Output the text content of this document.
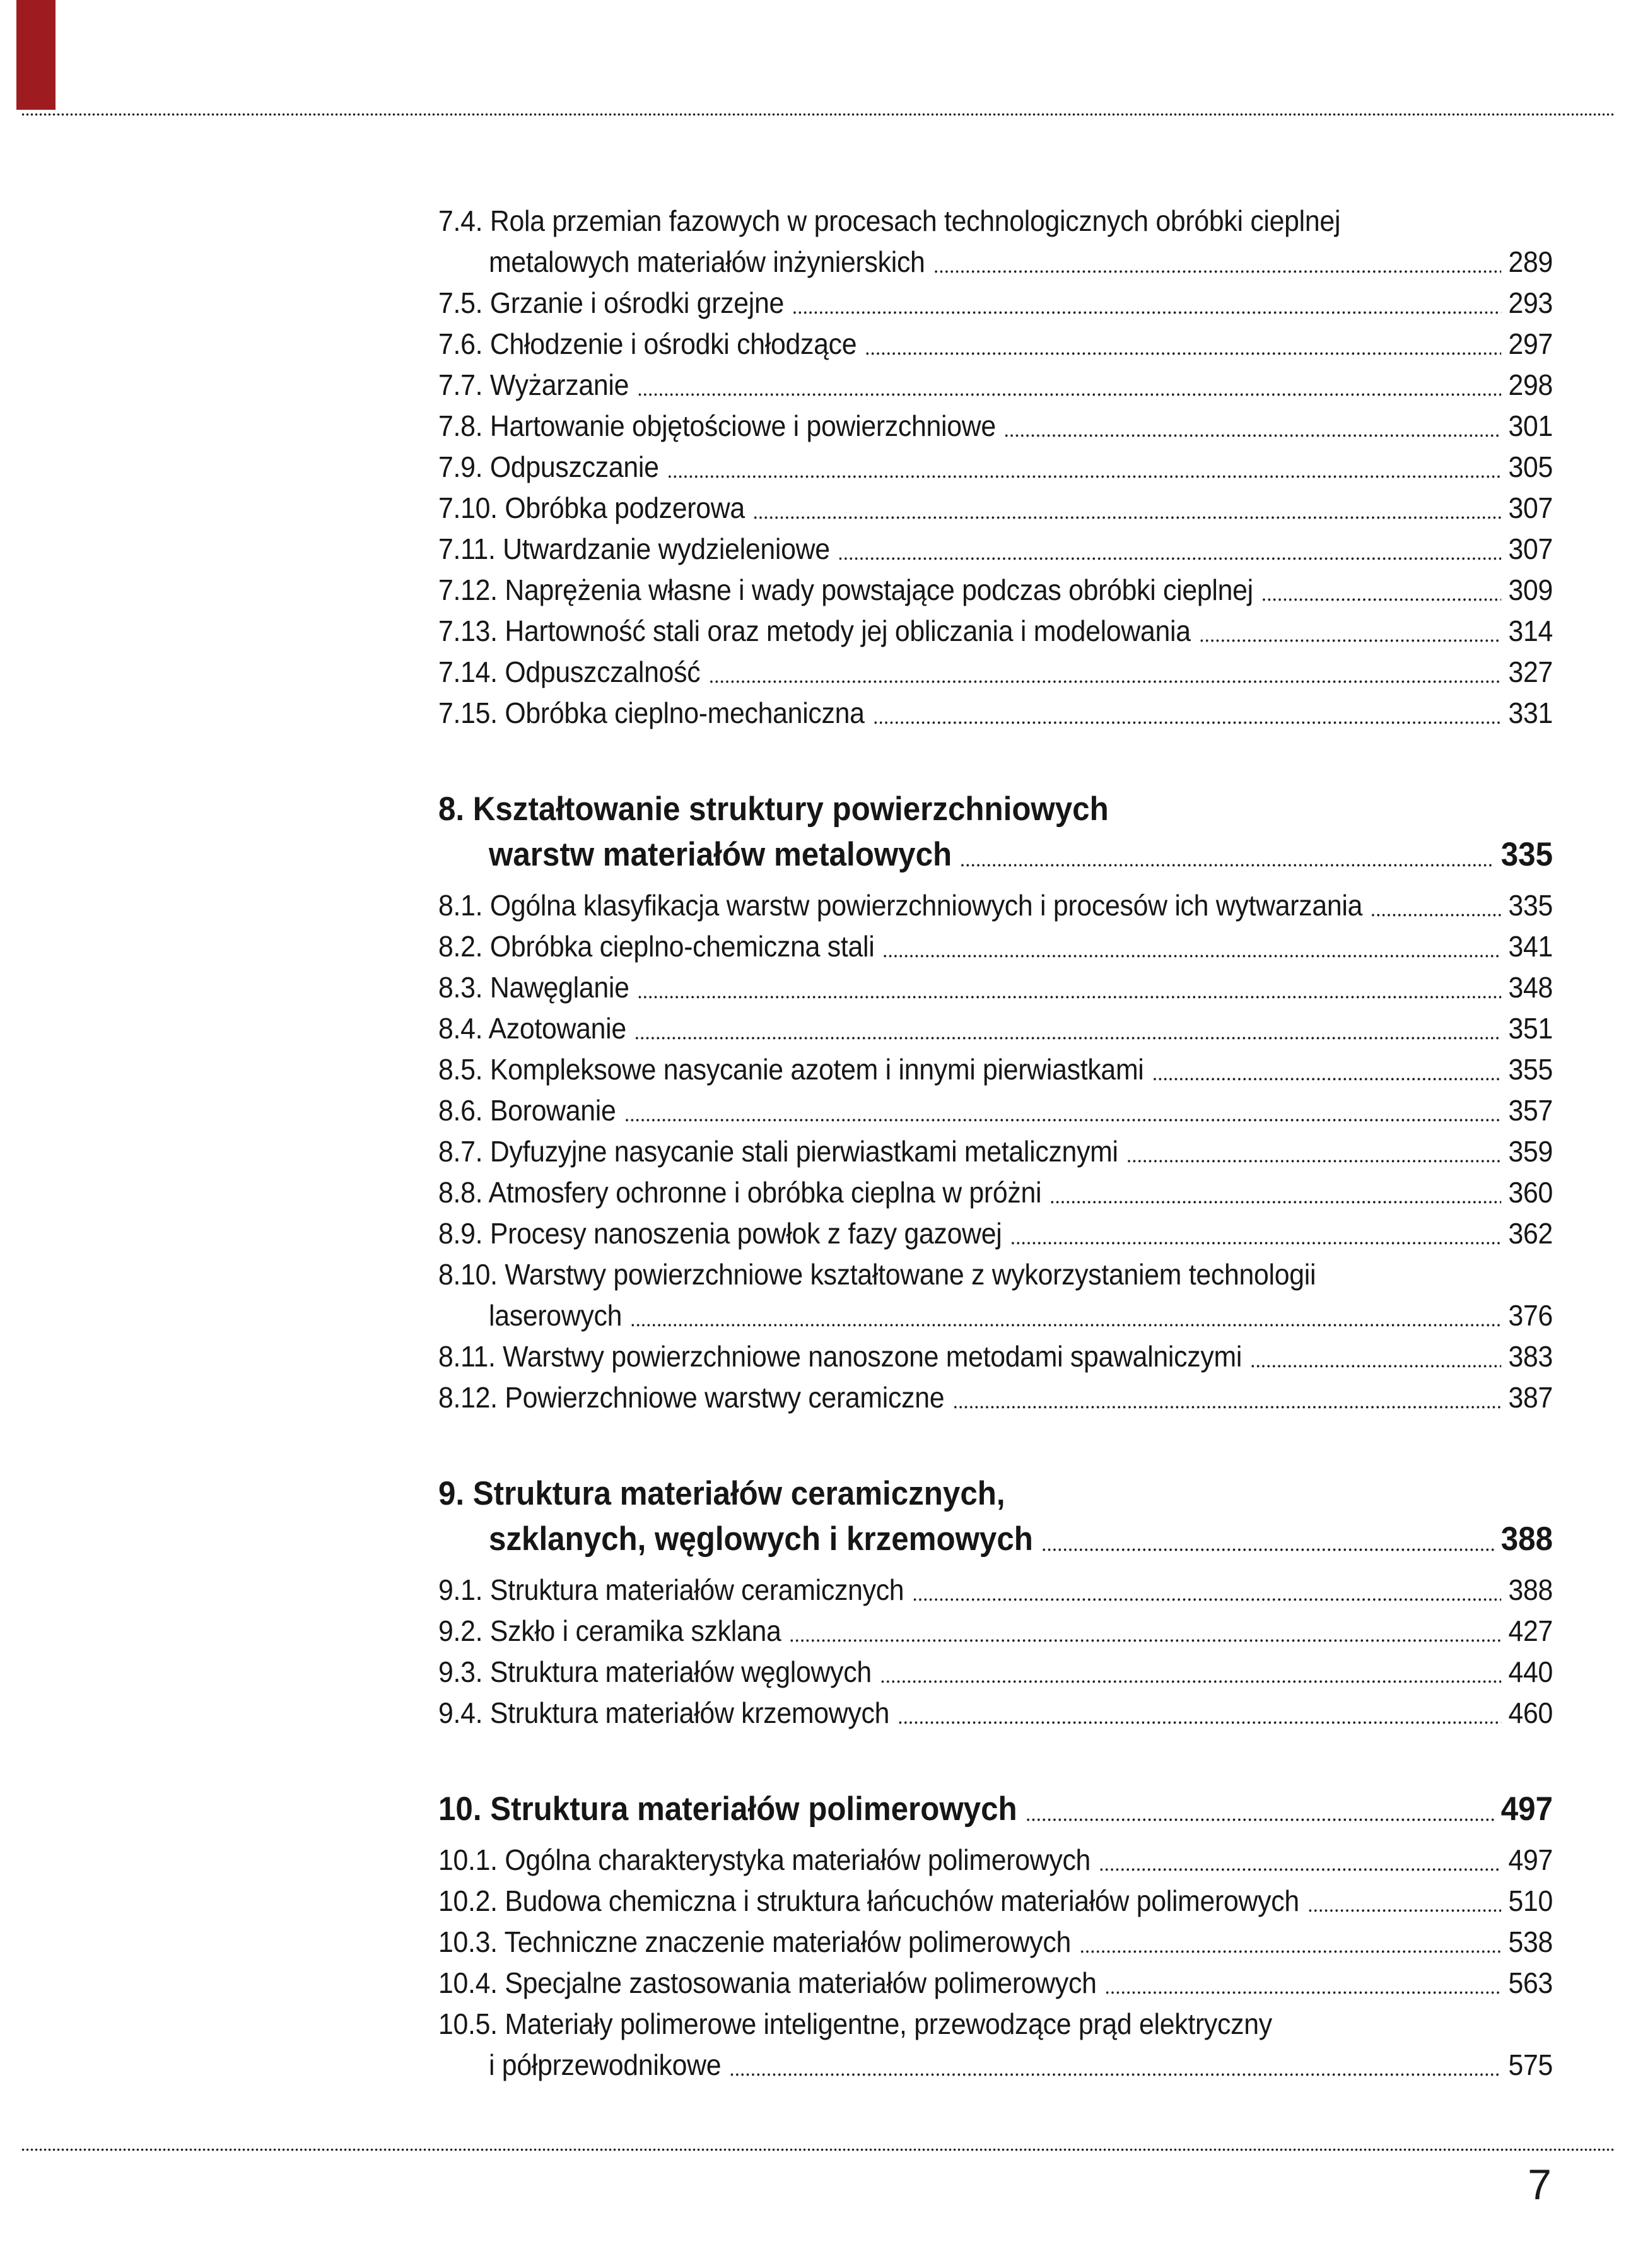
7.4. Rola przemian fazowych w procesach technologicznych obróbki cieplnej
metalowych materiałów inżynierskich	289
7.5. Grzanie i ośrodki grzejne	293
7.6. Chłodzenie i ośrodki chłodzące	297
7.7. Wyżarzanie	298
7.8. Hartowanie objętościowe i powierzchniowe	301
7.9. Odpuszczanie	305
7.10. Obróbka podzerowa	307
7.11. Utwardzanie wydzieleniowe	307
7.12. Naprężenia własne i wady powstające podczas obróbki cieplnej	309
7.13. Hartowność stali oraz metody jej obliczania i modelowania	314
7.14. Odpuszczalność	327
7.15. Obróbka cieplno-mechaniczna	331
8. Kształtowanie struktury powierzchniowych
warstw materiałów metalowych	335
8.1. Ogólna klasyfikacja warstw powierzchniowych i procesów ich wytwarzania	335
8.2. Obróbka cieplno-chemiczna stali	341
8.3. Nawęglanie	348
8.4. Azotowanie	351
8.5. Kompleksowe nasycanie azotem i innymi pierwiastkami	355
8.6. Borowanie	357
8.7. Dyfuzyjne nasycanie stali pierwiastkami metalicznymi	359
8.8. Atmosfery ochronne i obróbka cieplna w próżni	360
8.9. Procesy nanoszenia powłok z fazy gazowej	362
8.10. Warstwy powierzchniowe kształtowane z wykorzystaniem technologii
laserowych	376
8.11. Warstwy powierzchniowe nanoszone metodami spawalniczymi	383
8.12. Powierzchniowe warstwy ceramiczne	387
9. Struktura materiałów ceramicznych,
szklanych, węglowych i krzemowych	388
9.1. Struktura materiałów ceramicznych	388
9.2. Szkło i ceramika szklana	427
9.3. Struktura materiałów węglowych	440
9.4. Struktura materiałów krzemowych	460
10. Struktura materiałów polimerowych	497
10.1. Ogólna charakterystyka materiałów polimerowych	497
10.2. Budowa chemiczna i struktura łańcuchów materiałów polimerowych	510
10.3. Techniczne znaczenie materiałów polimerowych	538
10.4. Specjalne zastosowania materiałów polimerowych	563
10.5. Materiały polimerowe inteligentne, przewodzące prąd elektryczny
i półprzewodnikowe	575
7
